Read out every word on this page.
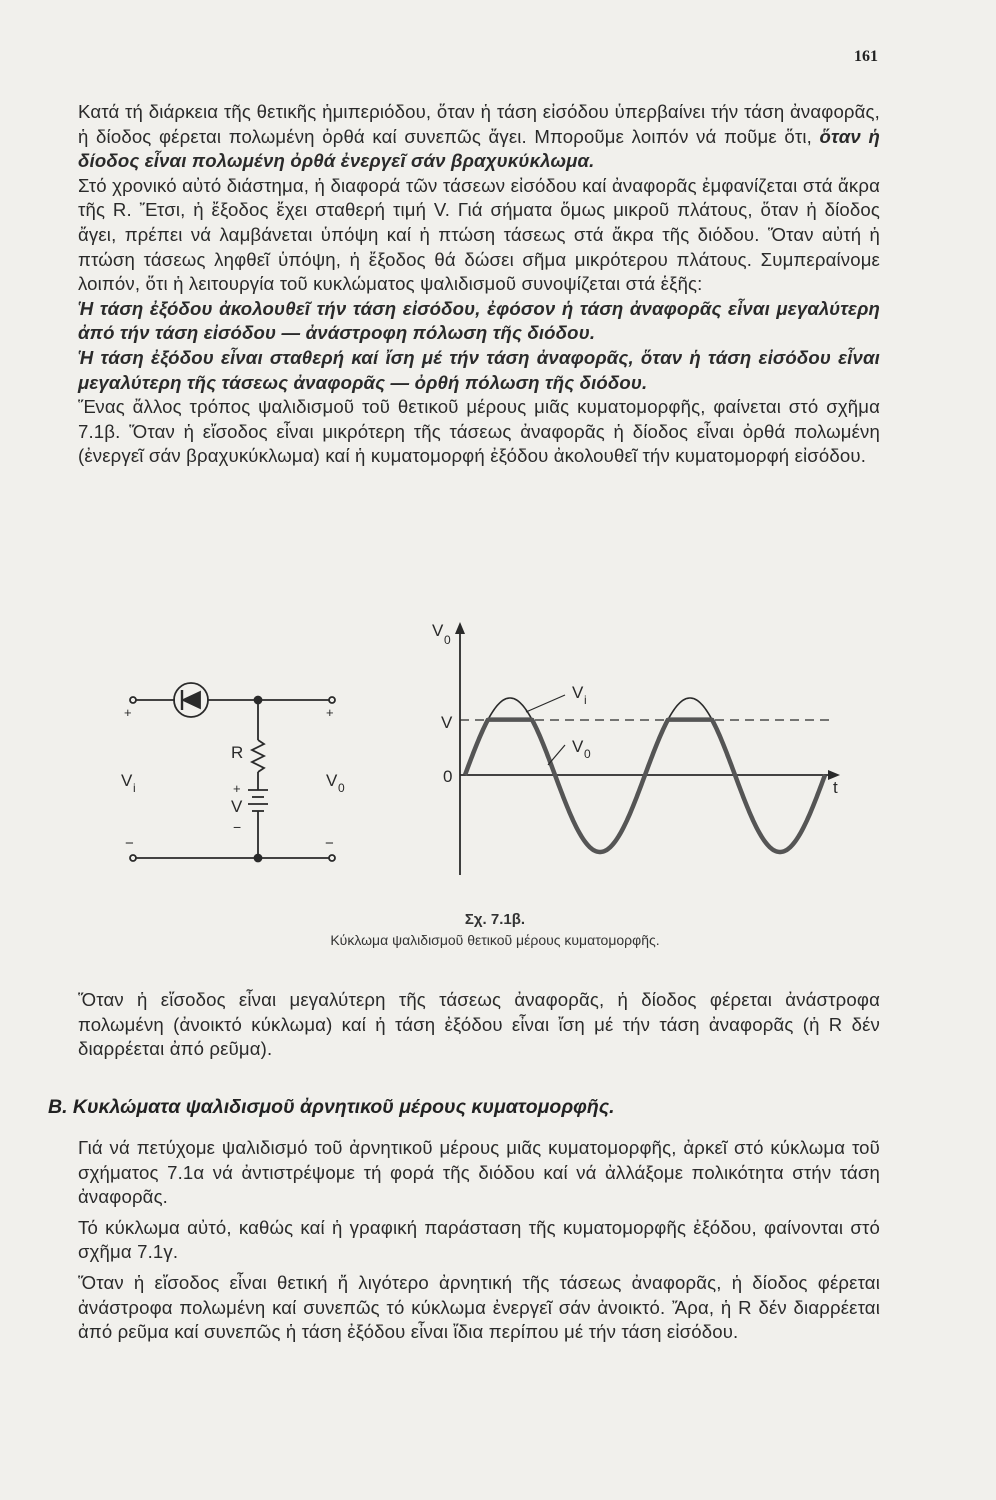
161

Κατά τή διάρκεια τῆς θετικῆς ἡμιπεριόδου, ὅταν ἡ τάση εἰσόδου ὑπερβαίνει τήν τάση ἀναφορᾶς, ἡ δίοδος φέρεται πολωμένη ὀρθά καί συνεπῶς ἄγει. Μποροῦμε λοιπόν νά ποῦμε ὅτι, ὅταν ἡ δίοδος εἶναι πολωμένη ὀρθά ἐνεργεῖ σάν βραχυκύκλωμα.

Στό χρονικό αὐτό διάστημα, ἡ διαφορά τῶν τάσεων εἰσόδου καί ἀναφορᾶς ἐμφανίζεται στά ἄκρα τῆς R. Ἔτσι, ἡ ἔξοδος ἔχει σταθερή τιμή V. Γιά σήματα ὅμως μικροῦ πλάτους, ὅταν ἡ δίοδος ἄγει, πρέπει νά λαμβάνεται ὑπόψη καί ἡ πτώση τάσεως στά ἄκρα τῆς διόδου. Ὅταν αὐτή ἡ πτώση τάσεως ληφθεῖ ὑπόψη, ἡ ἔξοδος θά δώσει σῆμα μικρότερου πλάτους. Συμπεραίνομε λοιπόν, ὅτι ἡ λειτουργία τοῦ κυκλώματος ψαλιδισμοῦ συνοψίζεται στά ἑξῆς:

Ἡ τάση ἐξόδου ἀκολουθεῖ τήν τάση εἰσόδου, ἐφόσον ἡ τάση ἀναφορᾶς εἶναι μεγαλύτερη ἀπό τήν τάση εἰσόδου — ἀνάστροφη πόλωση τῆς διόδου.

Ἡ τάση ἐξόδου εἶναι σταθερή καί ἴση μέ τήν τάση ἀναφορᾶς, ὅταν ἡ τάση εἰσόδου εἶναι μεγαλύτερη τῆς τάσεως ἀναφορᾶς — ὀρθή πόλωση τῆς διόδου.

Ἕνας ἄλλος τρόπος ψαλιδισμοῦ τοῦ θετικοῦ μέρους μιᾶς κυματομορφῆς, φαίνεται στό σχῆμα 7.1β. Ὅταν ἡ εἴσοδος εἶναι μικρότερη τῆς τάσεως ἀναφορᾶς ἡ δίοδος εἶναι ὀρθά πολωμένη (ἐνεργεῖ σάν βραχυκύκλωμα) καί ἡ κυματομορφή ἐξόδου ἀκολουθεῖ τήν κυματομορφή εἰσόδου.

+	+
−	−
R
V i	V 0
V
+
−
V 0
V
0
t
V i
V 0
Σχ. 7.1β.
Κύκλωμα ψαλιδισμοῦ θετικοῦ μέρους κυματομορφῆς.

Ὅταν ἡ εἴσοδος εἶναι μεγαλύτερη τῆς τάσεως ἀναφορᾶς, ἡ δίοδος φέρεται ἀνάστροφα πολωμένη (ἀνοικτό κύκλωμα) καί ἡ τάση ἐξόδου εἶναι ἴση μέ τήν τάση ἀναφορᾶς (ἡ R δέν διαρρέεται ἀπό ρεῦμα).

Β. Κυκλώματα ψαλιδισμοῦ ἀρνητικοῦ μέρους κυματομορφῆς.

Γιά νά πετύχομε ψαλιδισμό τοῦ ἀρνητικοῦ μέρους μιᾶς κυματομορφῆς, ἀρκεῖ στό κύκλωμα τοῦ σχήματος 7.1α νά ἀντιστρέψομε τή φορά τῆς διόδου καί νά ἀλλάξομε πολικότητα στήν τάση ἀναφορᾶς.

Τό κύκλωμα αὐτό, καθώς καί ἡ γραφική παράσταση τῆς κυματομορφῆς ἐξόδου, φαίνονται στό σχῆμα 7.1γ.

Ὅταν ἡ εἴσοδος εἶναι θετική ἤ λιγότερο ἀρνητική τῆς τάσεως ἀναφορᾶς, ἡ δίοδος φέρεται ἀνάστροφα πολωμένη καί συνεπῶς τό κύκλωμα ἐνεργεῖ σάν ἀνοικτό. Ἄρα, ἡ R δέν διαρρέεται ἀπό ρεῦμα καί συνεπῶς ἡ τάση ἐξόδου εἶναι ἴδια περίπου μέ τήν τάση εἰσόδου.
